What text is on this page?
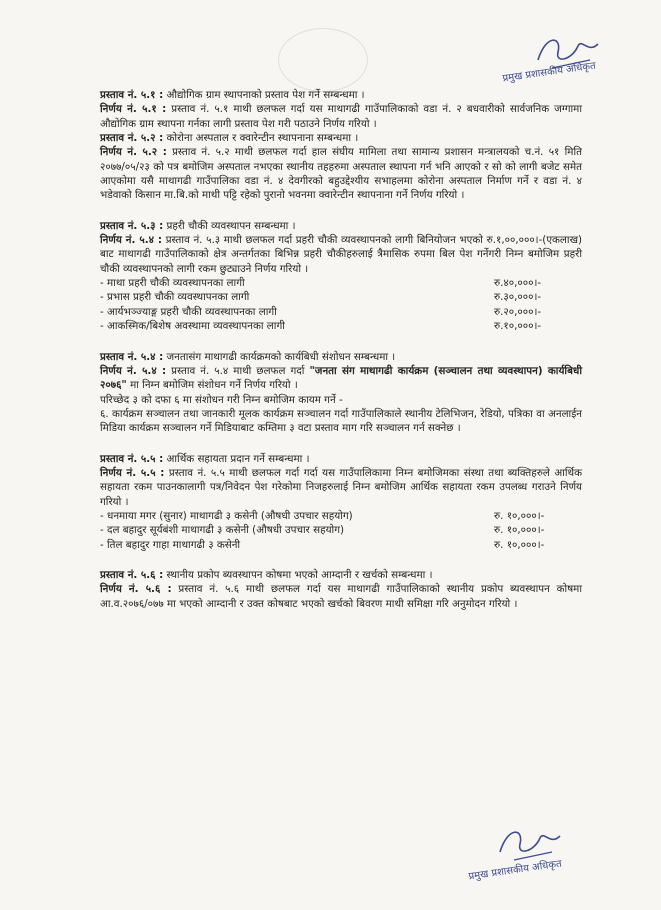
प्रमुख प्रशासकीय अधिकृत

प्रस्ताव नं. ५.१ : औद्योगिक ग्राम स्थापनाको प्रस्ताव पेश गर्ने सम्बन्धमा ।

निर्णय नं. ५.१ : प्रस्ताव नं. ५.१ माथी छलफल गर्दा यस माथागढी गाउँपालिकाको वडा नं. २ बधवारीको सार्वजनिक जग्गामा औद्योगिक ग्राम स्थापना गर्नका लागी प्रस्ताव पेश गरी पठाउने निर्णय गरियो ।

प्रस्ताव नं. ५.२ : कोरोना अस्पताल र क्वारेन्टीन स्थापनाना सम्बन्धमा ।

निर्णय नं. ५.२ : प्रस्ताव नं. ५.२ माथी छलफल गर्दा हाल संघीय मामिला तथा सामान्य प्रशासन मन्त्रालयको च.नं. ५१ मिति २०७७/०५/२३ को पत्र बमोजिम अस्पताल नभएका स्थानीय तहहरुमा अस्पताल स्थापना गर्न भनि आएको र सो को लागी बजेट समेत आएकोमा यसै माथागढी गाउँपालिका वडा नं. ४ देवगीरको बहुउद्देश्यीय सभाहलमा कोरोना अस्पताल निर्माण गर्ने र वडा नं. ४ भडेवाको किसान मा.बि.को माथी पट्टि रहेको पुरानो भवनमा क्वारेन्टीन स्थापनाना गर्ने निर्णय गरियो ।

प्रस्ताव नं. ५.३ : प्रहरी चौकी व्यवस्थापन सम्बन्धमा ।

निर्णय नं. ५.४ : प्रस्ताव नं. ५.३ माथी छलफल गर्दा प्रहरी चौकी व्यवस्थापनको लागी बिनियोजन भएको रु.१,००,०००।-(एकलाख) बाट माथागढी गाउँपालिकाको क्षेत्र अन्तर्गतका बिभिन्न प्रहरी चौकीहरुलाई त्रैमासिक रुपमा बिल पेश गर्नेगरी निम्न बमोजिम प्रहरी चौकी व्यवस्थापनको लागी रकम छुट्याउने निर्णय गरियो ।

- माथा प्रहरी चौकी व्यवस्थापनका लागी	रु.४०,०००।-
- प्रभास प्रहरी चौकी व्यवस्थापनका लागी	रु.३०,०००।-
- आर्यभञ्ज्याङ्ग प्रहरी चौकी व्यवस्थापनका लागी	रु.२०,०००।-
- आकस्मिक/बिशेष अवस्थामा व्यवस्थापनका लागी	रु.१०,०००।-

प्रस्ताव नं. ५.४ : जनतासंग माथागढी कार्यक्रमको कार्यबिधी संशोधन सम्बन्धमा ।

निर्णय नं. ५.४ : प्रस्ताव नं. ५.४ माथी छलफल गर्दा "जनता संग माथागढी कार्यक्रम (सञ्चालन तथा व्यवस्थापन) कार्यबिधी २०७६" मा निम्न बमोजिम संशोधन गर्ने निर्णय गरियो ।

परिच्छेद ३ को दफा ६ मा संशोधन गरी निम्न बमोजिम कायम गर्ने -

६. कार्यक्रम सञ्चालन तथा जानकारी मूलक कार्यक्रम सञ्चालन गर्दा गाउँपालिकाले स्थानीय टेलिभिजन, रेडियो, पत्रिका वा अनलाईन मिडिया कार्यक्रम सञ्चालन गर्ने मिडियाबाट कम्तिमा ३ वटा प्रस्ताव माग गरि सञ्चालन गर्न सक्नेछ ।

प्रस्ताव नं. ५.५ : आर्थिक सहायता प्रदान गर्ने सम्बन्धमा ।

निर्णय नं. ५.५ : प्रस्ताव नं. ५.५ माथी छलफल गर्दा गर्दा यस गाउँपालिकामा निम्न बमोजिमका संस्था तथा ब्यक्तिहरुले आर्थिक सहायता रकम पाउनकालागी पत्र/निवेदन पेश गरेकोमा निजहरुलाई निम्न बमोजिम आर्थिक सहायता रकम उपलब्ध गराउने निर्णय गरियो ।

- धनमाया मगर (सुनार) माथागढी ३ कसेनी (औषधी उपचार सहयोग)	रु. १०,०००।-
- दल बहादुर सूर्यबंशी माथागढी ३ कसेनी (औषधी उपचार सहयोग)	रु. १०,०००।-
- तिल बहादुर गाहा माथागढी ३ कसेनी	रु. १०,०००।-

प्रस्ताव नं. ५.६ : स्थानीय प्रकोप ब्यवस्थापन कोषमा भएको आम्दानी र खर्चको सम्बन्धमा ।

निर्णय नं. ५.६ : प्रस्ताव नं. ५.६ माथी छलफल गर्दा यस माथागढी गाउँपालिकाको स्थानीय प्रकोप ब्यवस्थापन कोषमा आ.व.२०७६/०७७ मा भएको आम्दानी र उक्त कोषबाट भएको खर्चको बिवरण माथी समिक्षा गरि अनुमोदन गरियो ।

प्रमुख प्रशासकीय अधिकृत
